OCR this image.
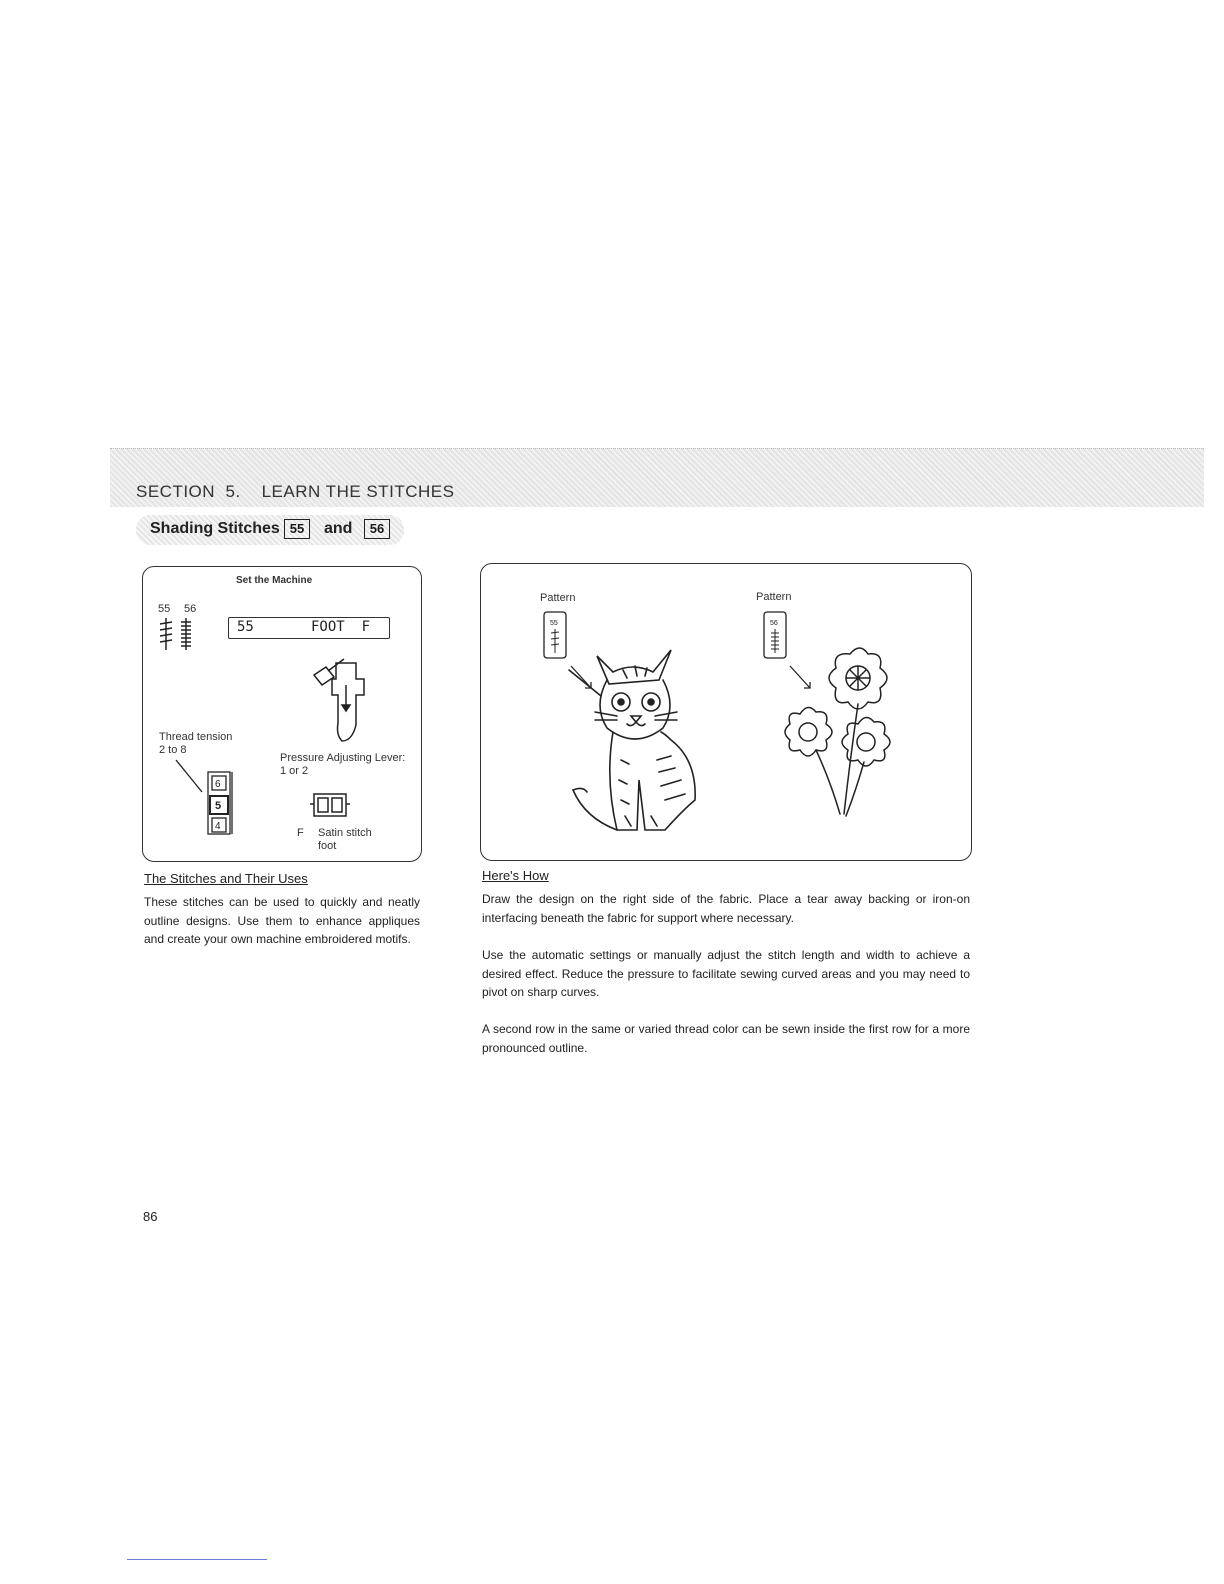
SECTION  5.    LEARN THE STITCHES
Shading Stitches 55	and	56
Set the Machine
55 56
55	FOOT  F
Thread tension
2 to 8
6
5
4
Pressure Adjusting Lever:
1 or 2
F Satin stitch
foot
Pattern	Pattern
55	56
The Stitches and Their Uses
These stitches can be used to quickly and neatly outline designs. Use them to enhance appliques and create your own machine embroidered motifs.
Here's How
Draw the design on the right side of the fabric. Place a tear away backing or iron-on interfacing beneath the fabric for support where necessary.
Use the automatic settings or manually adjust the stitch length and width to achieve a desired effect. Reduce the pressure to facilitate sewing curved areas and you may need to pivot on sharp curves.
A second row in the same or varied thread color can be sewn inside the first row for a more pronounced outline.
86
